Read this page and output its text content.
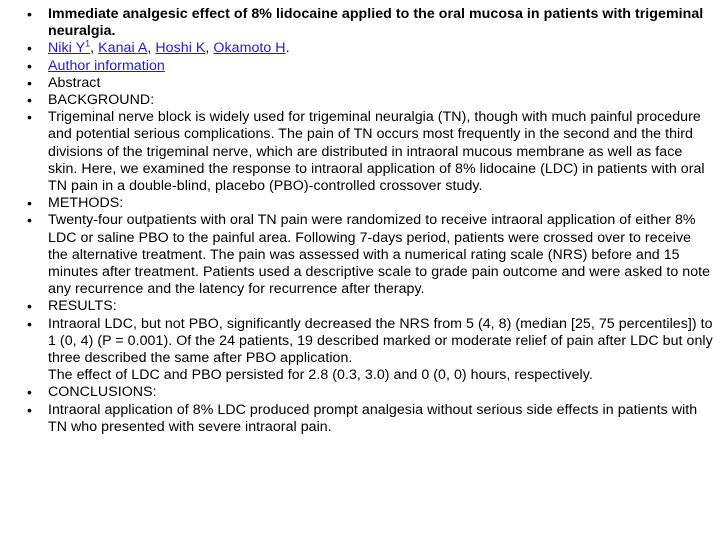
• Immediate analgesic effect of 8% lidocaine applied to the oral mucosa in patients with trigeminal neuralgia.
• Niki $Y^1$, Kanai A, Hoshi K, Okamoto H.
• Author information
• Abstract
• BACKGROUND:
• Trigeminal nerve block is widely used for trigeminal neuralgia (TN), though with much painful procedure and potential serious complications. The pain of TN occurs most frequently in the second and the third divisions of the trigeminal nerve, which are distributed in intraoral mucous membrane as well as face skin. Here, we examined the response to intraoral application of 8% lidocaine (LDC) in patients with oral TN pain in a double-blind, placebo (PBO)-controlled crossover study.
• METHODS:
• Twenty-four outpatients with oral TN pain were randomized to receive intraoral application of either 8% LDC or saline PBO to the painful area. Following 7-days period, patients were crossed over to receive the alternative treatment. The pain was assessed with a numerical rating scale (NRS) before and 15 minutes after treatment. Patients used a descriptive scale to grade pain outcome and were asked to note any recurrence and the latency for recurrence after therapy.
• RESULTS:
• Intraoral LDC, but not PBO, significantly decreased the NRS from 5 (4, 8) (median [25, 75 percentiles]) to 1 (0, 4) (P = 0.001). Of the 24 patients, 19 described marked or moderate relief of pain after LDC but only three described the same after PBO application.
The effect of LDC and PBO persisted for 2.8 (0.3, 3.0) and 0 (0, 0) hours, respectively.
• CONCLUSIONS:
• Intraoral application of 8% LDC produced prompt analgesia without serious side effects in patients with TN who presented with severe intraoral pain.
